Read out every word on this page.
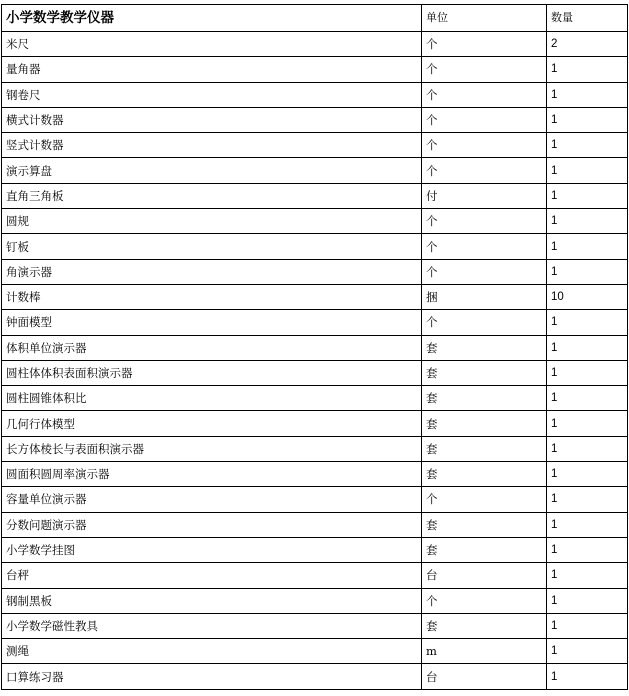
小学数学教学仪器	单位	数量
米尺	个	2
量角器	个	1
钢卷尺	个	1
横式计数器	个	1
竖式计数器	个	1
演示算盘	个	1
直角三角板	付	1
圆规	个	1
钉板	个	1
角演示器	个	1
计数棒	捆	10
钟面模型	个	1
体积单位演示器	套	1
圆柱体体积表面积演示器	套	1
圆柱圆锥体积比	套	1
几何行体模型	套	1
长方体棱长与表面积演示器	套	1
圆面积圆周率演示器	套	1
容量单位演示器	个	1
分数问题演示器	套	1
小学数学挂图	套	1
台秤	台	1
钢制黑板	个	1
小学数学磁性教具	套	1
测绳	m	1
口算练习器	台	1
